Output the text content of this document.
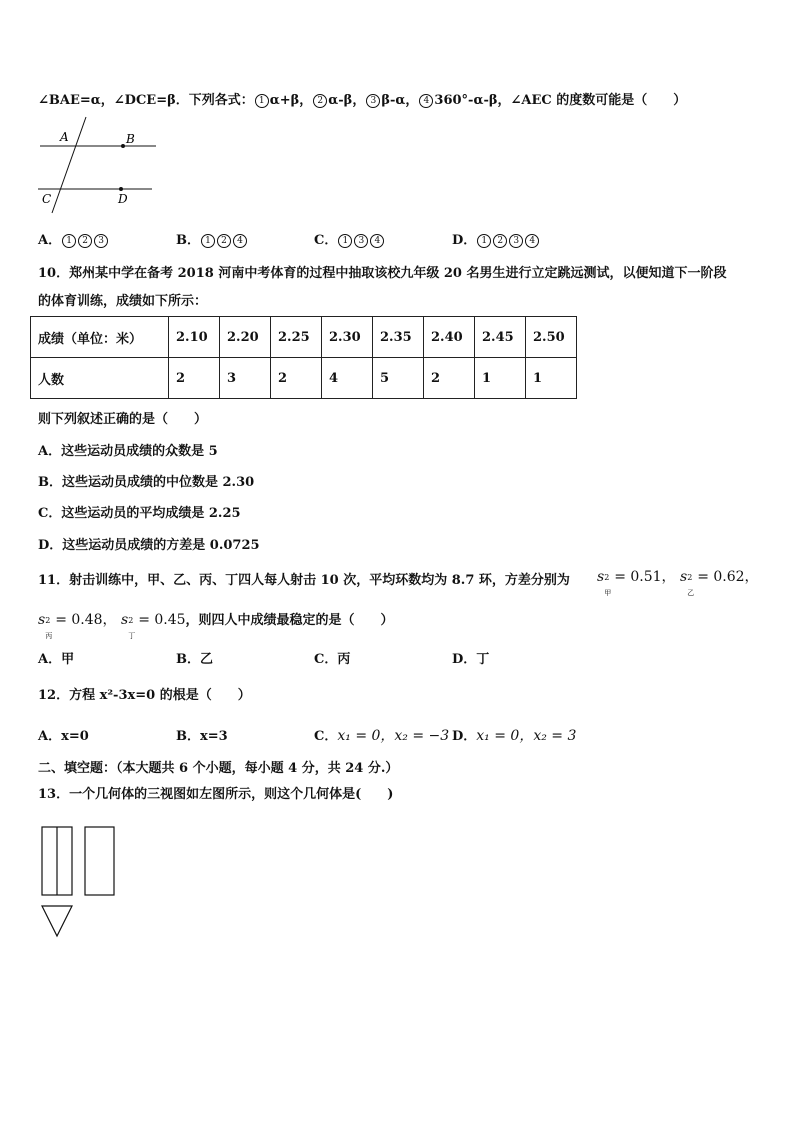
∠BAE=α，∠DCE=β．下列各式： 1 α+β， 2 α-β， 3 β-α， 4 360°-α-β，∠AEC 的度数可能是（　　）
A	B
C	D
A． 1 2 3	B． 1 2 4	C． 1 3 4	D． 1 2 3 4
10．郑州某中学在备考 2018 河南中考体育的过程中抽取该校九年级 20 名男生进行立定跳远测试，以便知道下一阶段
的体育训练，成绩如下所示：
成绩（单位：米）	2.10	2.20	2.25	2.30	2.35	2.40	2.45	2.50
人数	2	3	2	4	5	2	1	1
则下列叙述正确的是（　　）
A．这些运动员成绩的众数是 5
B．这些运动员成绩的中位数是 2.30
C．这些运动员的平均成绩是 2.25
D．这些运动员成绩的方差是 0.0725
11．射击训练中，甲、乙、丙、丁四人每人射击 10 次，平均环数均为 8.7 环，方差分别为 s 2
甲
= 0.51， s 2
乙
= 0.62，
s 2
丙
= 0.48， s 2
丁
= 0.45，则四人中成绩最稳定的是（　　）
A．甲	B．乙	C．丙	D．丁
12．方程 x²-3x=0 的根是（　　）
A．x=0	B．x=3	C．x₁ = 0，x₂ = −3 D．x₁ = 0，x₂ = 3
二、填空题：（本大题共 6 个小题，每小题 4 分，共 24 分.）
13．一个几何体的三视图如左图所示，则这个几何体是(　　)
